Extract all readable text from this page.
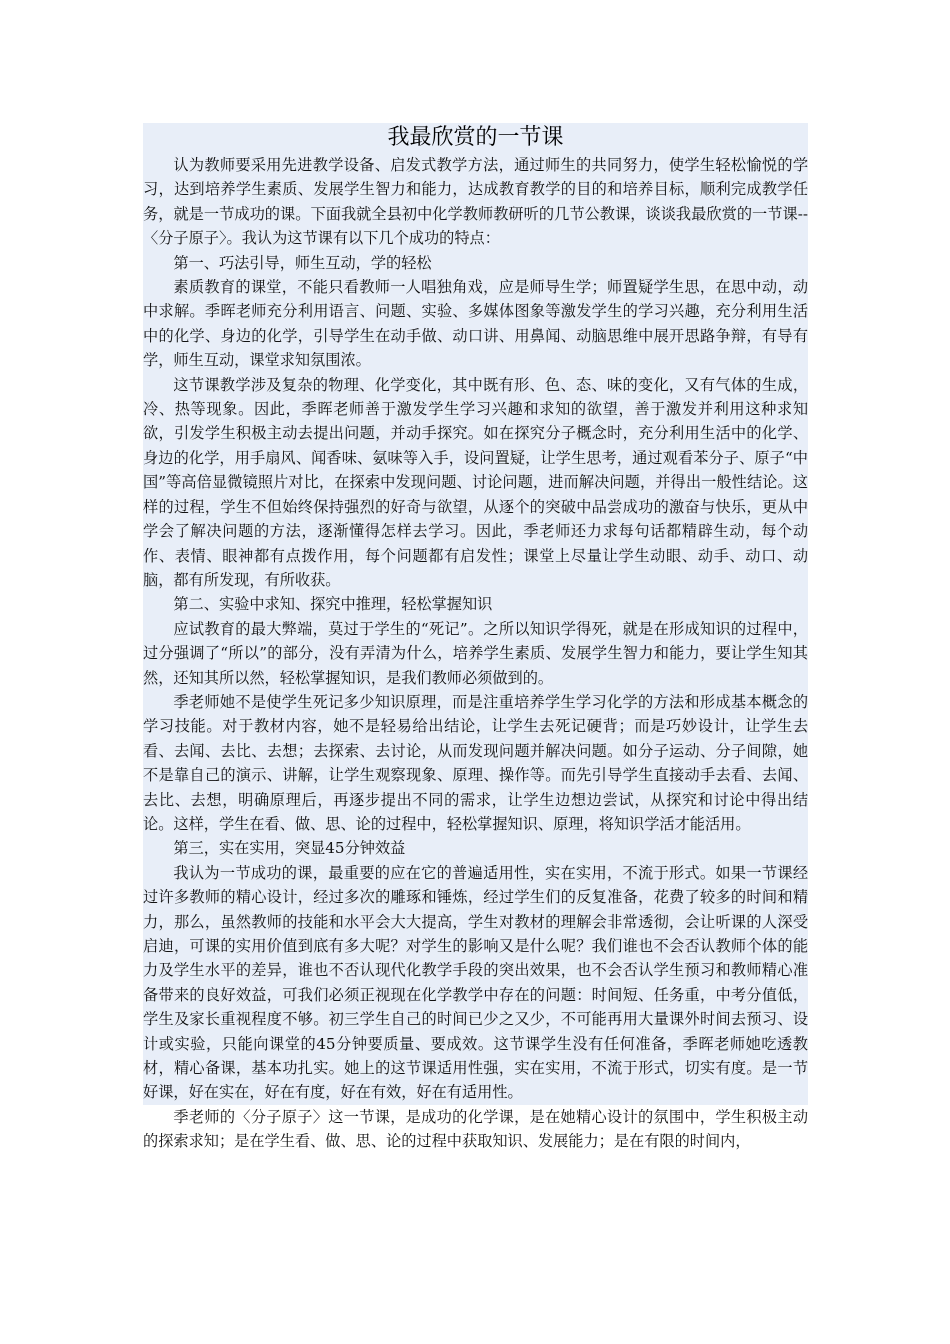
我最欣赏的一节课

认为教师要采用先进教学设备、启发式教学方法，通过师生的共同努力，使学生轻松愉悦的学习，达到培养学生素质、发展学生智力和能力，达成教育教学的目的和培养目标，顺利完成教学任务，就是一节成功的课。下面我就全县初中化学教师教研听的几节公教课，谈谈我最欣赏的一节课--〈分子原子〉。我认为这节课有以下几个成功的特点：

第一、巧法引导，师生互动，学的轻松

素质教育的课堂，不能只看教师一人唱独角戏，应是师导生学；师置疑学生思，在思中动，动中求解。季晖老师充分利用语言、问题、实验、多媒体图象等激发学生的学习兴趣，充分利用生活中的化学、身边的化学，引导学生在动手做、动口讲、用鼻闻、动脑思维中展开思路争辩，有导有学，师生互动，课堂求知氛围浓。

这节课教学涉及复杂的物理、化学变化，其中既有形、色、态、味的变化，又有气体的生成，冷、热等现象。因此，季晖老师善于激发学生学习兴趣和求知的欲望，善于激发并利用这种求知欲，引发学生积极主动去提出问题，并动手探究。如在探究分子概念时，充分利用生活中的化学、身边的化学，用手扇风、闻香味、氨味等入手，设问置疑，让学生思考，通过观看苯分子、原子“中国”等高倍显微镜照片对比，在探索中发现问题、讨论问题，进而解决问题，并得出一般性结论。这样的过程，学生不但始终保持强烈的好奇与欲望，从逐个的突破中品尝成功的激奋与快乐，更从中学会了解决问题的方法，逐渐懂得怎样去学习。因此，季老师还力求每句话都精辟生动，每个动作、表情、眼神都有点拨作用，每个问题都有启发性；课堂上尽量让学生动眼、动手、动口、动脑，都有所发现，有所收获。

第二、实验中求知、探究中推理，轻松掌握知识

应试教育的最大弊端，莫过于学生的“死记”。之所以知识学得死，就是在形成知识的过程中，过分强调了“所以”的部分，没有弄清为什么，培养学生素质、发展学生智力和能力，要让学生知其然，还知其所以然，轻松掌握知识，是我们教师必须做到的。

季老师她不是使学生死记多少知识原理，而是注重培养学生学习化学的方法和形成基本概念的学习技能。对于教材内容，她不是轻易给出结论，让学生去死记硬背；而是巧妙设计，让学生去看、去闻、去比、去想；去探索、去讨论，从而发现问题并解决问题。如分子运动、分子间隙，她不是靠自己的演示、讲解，让学生观察现象、原理、操作等。而先引导学生直接动手去看、去闻、去比、去想，明确原理后，再逐步提出不同的需求，让学生边想边尝试，从探究和讨论中得出结论。这样，学生在看、做、思、论的过程中，轻松掌握知识、原理，将知识学活才能活用。

第三，实在实用，突显45分钟效益

我认为一节成功的课，最重要的应在它的普遍适用性，实在实用，不流于形式。如果一节课经过许多教师的精心设计，经过多次的雕琢和锤炼，经过学生们的反复准备，花费了较多的时间和精力，那么，虽然教师的技能和水平会大大提高，学生对教材的理解会非常透彻，会让听课的人深受启迪，可课的实用价值到底有多大呢？对学生的影响又是什么呢？我们谁也不会否认教师个体的能力及学生水平的差异，谁也不否认现代化教学手段的突出效果，也不会否认学生预习和教师精心准备带来的良好效益，可我们必须正视现在化学教学中存在的问题：时间短、任务重，中考分值低，学生及家长重视程度不够。初三学生自己的时间已少之又少，不可能再用大量课外时间去预习、设计或实验，只能向课堂的45分钟要质量、要成效。这节课学生没有任何准备，季晖老师她吃透教材，精心备课，基本功扎实。她上的这节课适用性强，实在实用，不流于形式，切实有度。是一节好课，好在实在，好在有度，好在有效，好在有适用性。

季老师的〈分子原子〉这一节课，是成功的化学课，是在她精心设计的氛围中，学生积极主动的探索求知；是在学生看、做、思、论的过程中获取知识、发展能力；是在有限的时间内，
